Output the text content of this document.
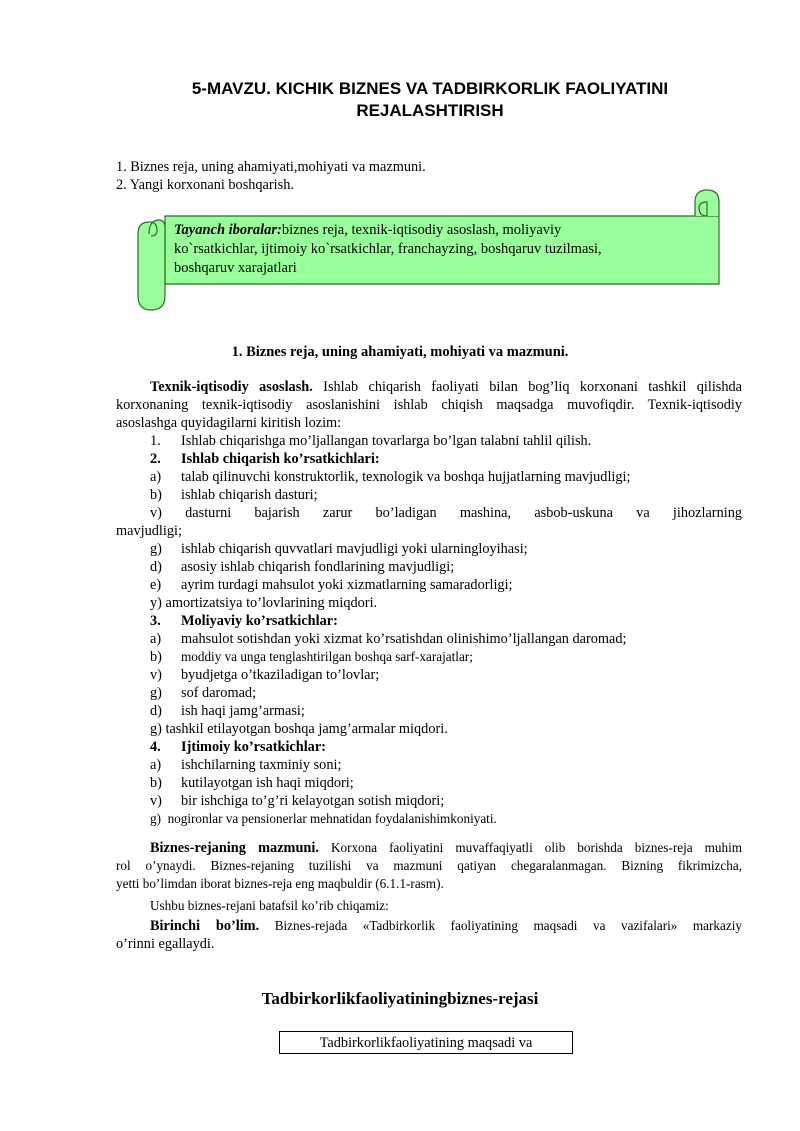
5-MAVZU. KICHIK BIZNES VA TADBIRKORLIK FAOLIYATINI
REJALASHTIRISH
1. Biznes reja, uning ahamiyati,mohiyati va mazmuni.
2. Yangi korxonani boshqarish.
Tayanch iboralar:biznes reja, texnik-iqtisodiy asoslash, moliyaviy
ko`rsatkichlar, ijtimoiy ko`rsatkichlar, franchayzing, boshqaruv tuzilmasi,
boshqaruv xarajatlari
1. Biznes reja, uning ahamiyati, mohiyati va mazmuni.
Texnik-iqtisodiy asoslash. Ishlab chiqarish faoliyati bilan bog’liq korxonani tashkil qilishda
korxonaning texnik-iqtisodiy asoslanishini ishlab chiqish maqsadga muvofiqdir. Texnik-iqtisodiy
asoslashga quyidagilarni kiritish lozim:
1. Ishlab chiqarishga mo’ljallangan tovarlarga bo’lgan talabni tahlil qilish.
2. Ishlab chiqarish ko’rsatkichlari:
a) talab qilinuvchi konstruktorlik, texnologik va boshqa hujjatlarning mavjudligi;
b) ishlab chiqarish dasturi;
v)   dasturni   bajarish   zarur   bo’ladigan   mashina,   asbob-uskuna   va   jihozlarning
mavjudligi;
g) ishlab chiqarish quvvatlari mavjudligi yoki ularningloyihasi;
d) asosiy ishlab chiqarish fondlarining mavjudligi;
e) ayrim turdagi mahsulot yoki xizmatlarning samaradorligi;
y) amortizatsiya to’lovlarining miqdori.
3. Moliyaviy ko’rsatkichlar:
a) mahsulot sotishdan yoki xizmat ko’rsatishdan olinishimo’ljallangan daromad;
b) moddiy va unga tenglashtirilgan boshqa sarf-xarajatlar;
v) byudjetga o’tkaziladigan to’lovlar;
g) sof daromad;
d) ish haqi jamg’armasi;
g) tashkil etilayotgan boshqa jamg’armalar miqdori.
4. Ijtimoiy ko’rsatkichlar:
a) ishchilarning taxminiy soni;
b) kutilayotgan ish haqi miqdori;
v) bir ishchiga to’g’ri kelayotgan sotish miqdori;
g)  nogironlar va pensionerlar mehnatidan foydalanishimkoniyati.
Biznes-rejaning mazmuni. Korxona faoliyatini muvaffaqiyatli olib borishda biznes-reja muhim
rol o’ynaydi. Biznes-rejaning tuzilishi va mazmuni qatiyan chegaralanmagan. Bizning fikrimizcha,
yetti bo’limdan iborat biznes-reja eng maqbuldir (6.1.1-rasm).
Ushbu biznes-rejani batafsil ko’rib chiqamiz:
Birinchi bo’lim. Biznes-rejada «Tadbirkorlik faoliyatining maqsadi va vazifalari» markaziy
o’rinni egallaydi.
Tadbirkorlikfaoliyatiningbiznes-rejasi
Tadbirkorlikfaoliyatining maqsadi va
